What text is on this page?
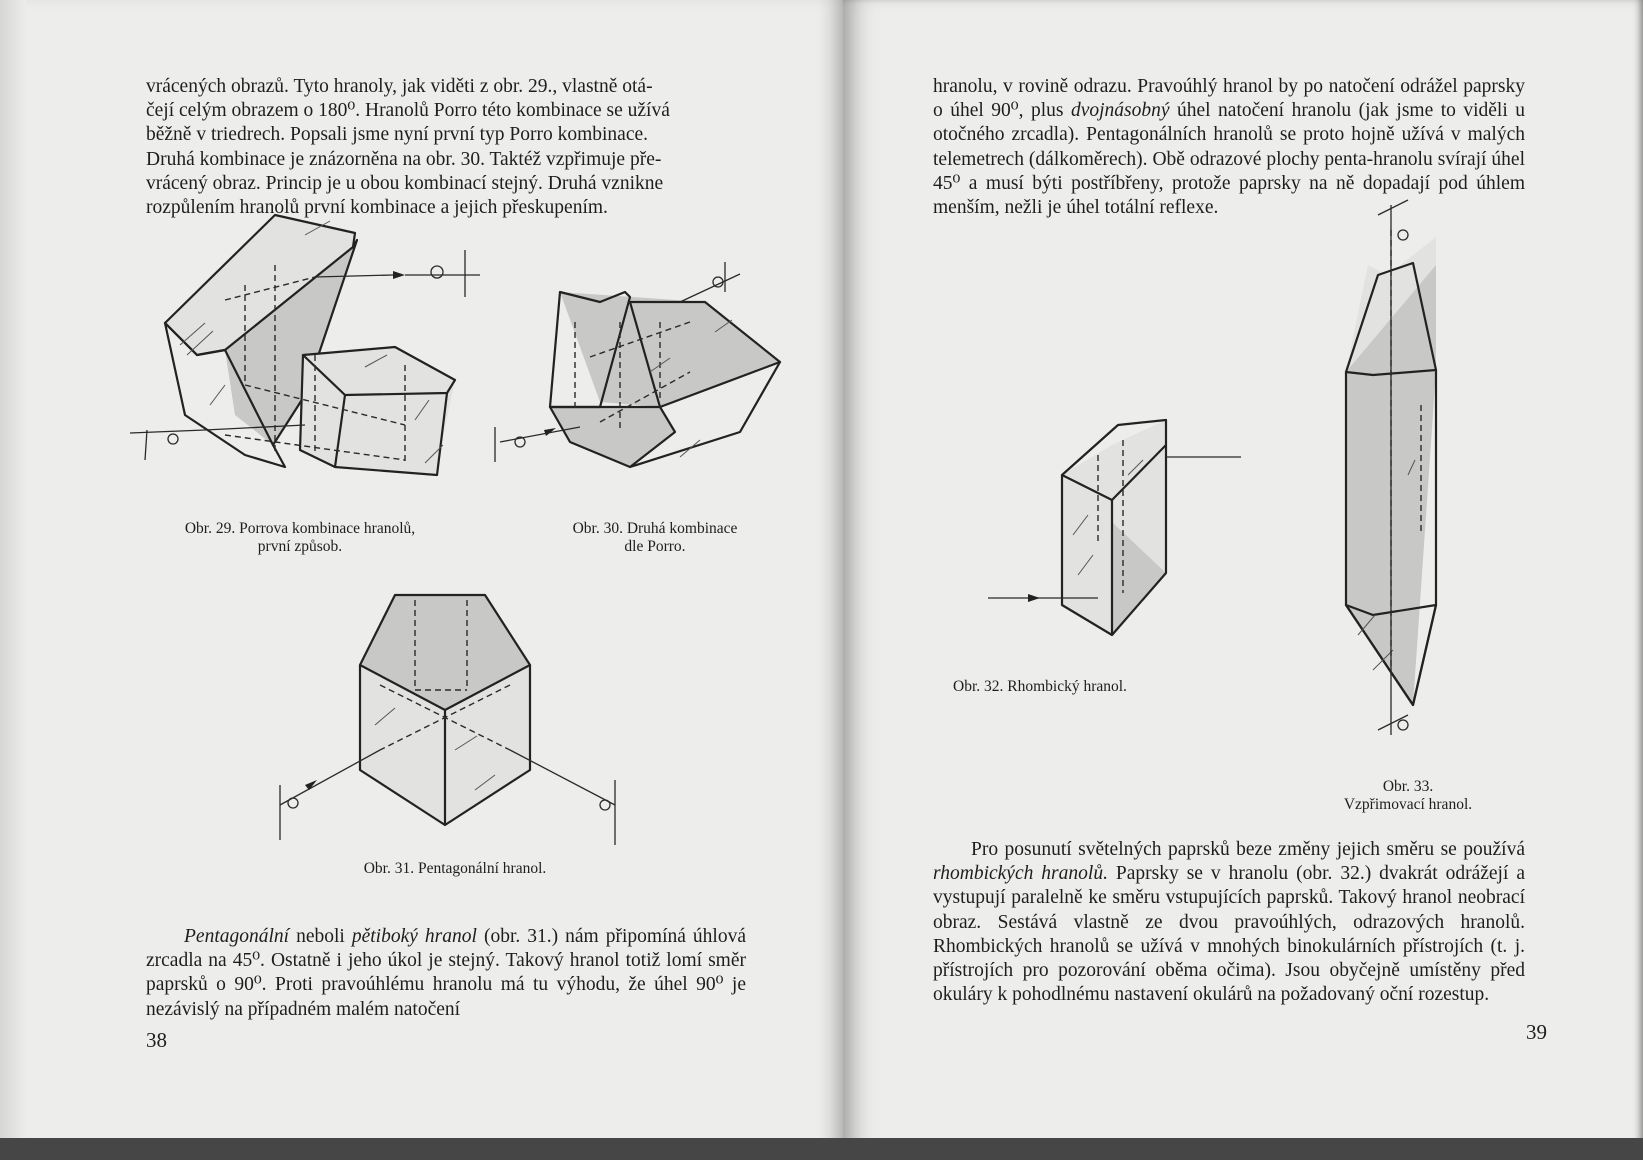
vrácených obrazů. Tyto hranoly, jak viděti z obr. 29., vlastně otá-

čejí celým obrazem o 180⁰. Hranolů Porro této kombinace se užívá

běžně v triedrech. Popsali jsme nyní první typ Porro kombinace.

Druhá kombinace je znázorněna na obr. 30. Taktéž vzpřimuje pře-

vrácený obraz. Princip je u obou kombinací stejný. Druhá vznikne

rozpůlením hranolů první kombinace a jejich přeskupením.

Obr. 29. Porrova kombinace hranolů,
první způsob.
Obr. 30. Druhá kombinace
dle Porro.
Obr. 31. Pentagonální hranol.

Pentagonální neboli pětiboký hranol (obr. 31.) nám připomíná úhlová zrcadla na 45⁰. Ostatně i jeho úkol je stejný. Takový hranol totiž lomí směr paprsků o 90⁰. Proti pravoúhlému hranolu má tu výhodu, že úhel 90⁰ je nezávislý na případném malém natočení

38

hranolu, v rovině odrazu. Pravoúhlý hranol by po natočení odrážel paprsky o úhel 90⁰, plus dvojnásobný úhel natočení hranolu (jak jsme to viděli u otočného zrcadla). Pentagonálních hranolů se proto hojně užívá v malých telemetrech (dálkoměrech). Obě odrazové plochy penta-hranolu svírají úhel 45⁰ a musí býti postříbřeny, protože paprsky na ně dopadají pod úhlem menším, nežli je úhel totální reflexe.

Obr. 32. Rhombický hranol.
Obr. 33.
Vzpřimovací hranol.

Pro posunutí světelných paprsků beze změny jejich směru se používá rhombických hranolů. Paprsky se v hranolu (obr. 32.) dvakrát odrážejí a vystupují paralelně ke směru vstupujících paprsků. Takový hranol neobrací obraz. Sestává vlastně ze dvou pravoúhlých, odrazových hranolů. Rhombických hranolů se užívá v mnohých binokulárních přístrojích (t. j. přístrojích pro pozorování oběma očima). Jsou obyčejně umístěny před okuláry k pohodlnému nastavení okulárů na požadovaný oční rozestup.

39
